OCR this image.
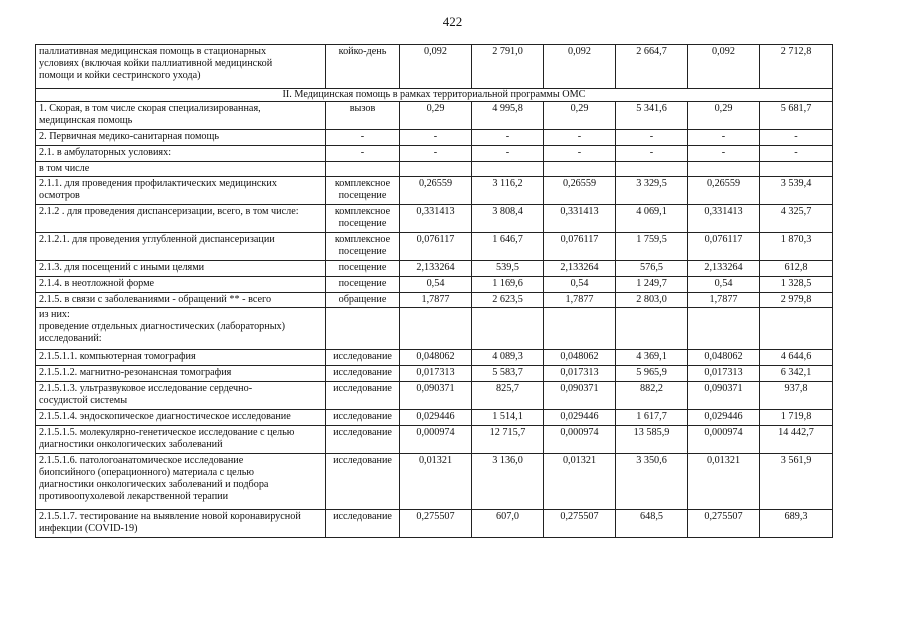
422
паллиативная медицинская помощь в стационарных
условиях (включая койки паллиативной медицинской
помощи и койки сестринского ухода)	койко-день	0,092	2 791,0	0,092	2 664,7	0,092	2 712,8
II. Медицинская помощь в рамках территориальной программы ОМС							
1. Скорая, в том числе скорая специализированная,
медицинская помощь	вызов	0,29	4 995,8	0,29	5 341,6	0,29	5 681,7
2. Первичная медико-санитарная помощь	-	-	-	-	-	-	-
2.1. в амбулаторных условиях:	-	-	-	-	-	-	-
в том числе							
2.1.1. для проведения профилактических медицинских
осмотров	комплексное
посещение	0,26559	3 116,2	0,26559	3 329,5	0,26559	3 539,4
2.1.2 . для проведения диспансеризации, всего, в том числе:	комплексное
посещение	0,331413	3 808,4	0,331413	4 069,1	0,331413	4 325,7
2.1.2.1. для проведения углубленной диспансеризации	комплексное
посещение	0,076117	1 646,7	0,076117	1 759,5	0,076117	1 870,3
2.1.3. для посещений с иными целями	посещение	2,133264	539,5	2,133264	576,5	2,133264	612,8
2.1.4. в неотложной форме	посещение	0,54	1 169,6	0,54	1 249,7	0,54	1 328,5
2.1.5. в связи с заболеваниями - обращений ** - всего	обращение	1,7877	2 623,5	1,7877	2 803,0	1,7877	2 979,8
из них:
проведение отдельных диагностических (лабораторных)
исследований:							
2.1.5.1.1. компьютерная томография	исследование	0,048062	4 089,3	0,048062	4 369,1	0,048062	4 644,6
2.1.5.1.2. магнитно-резонансная томография	исследование	0,017313	5 583,7	0,017313	5 965,9	0,017313	6 342,1
2.1.5.1.3. ультразвуковое исследование сердечно-
сосудистой системы	исследование	0,090371	825,7	0,090371	882,2	0,090371	937,8
2.1.5.1.4. эндоскопическое диагностическое исследование	исследование	0,029446	1 514,1	0,029446	1 617,7	0,029446	1 719,8
2.1.5.1.5. молекулярно-генетическое исследование с целью
диагностики онкологических заболеваний	исследование	0,000974	12 715,7	0,000974	13 585,9	0,000974	14 442,7
2.1.5.1.6. патологоанатомическое исследование
биопсийного (операционного) материала с целью
диагностики онкологических заболеваний и подбора
противоопухолевой лекарственной терапии	исследование	0,01321	3 136,0	0,01321	3 350,6	0,01321	3 561,9
2.1.5.1.7. тестирование на выявление новой коронавирусной
инфекции (COVID-19)	исследование	0,275507	607,0	0,275507	648,5	0,275507	689,3
